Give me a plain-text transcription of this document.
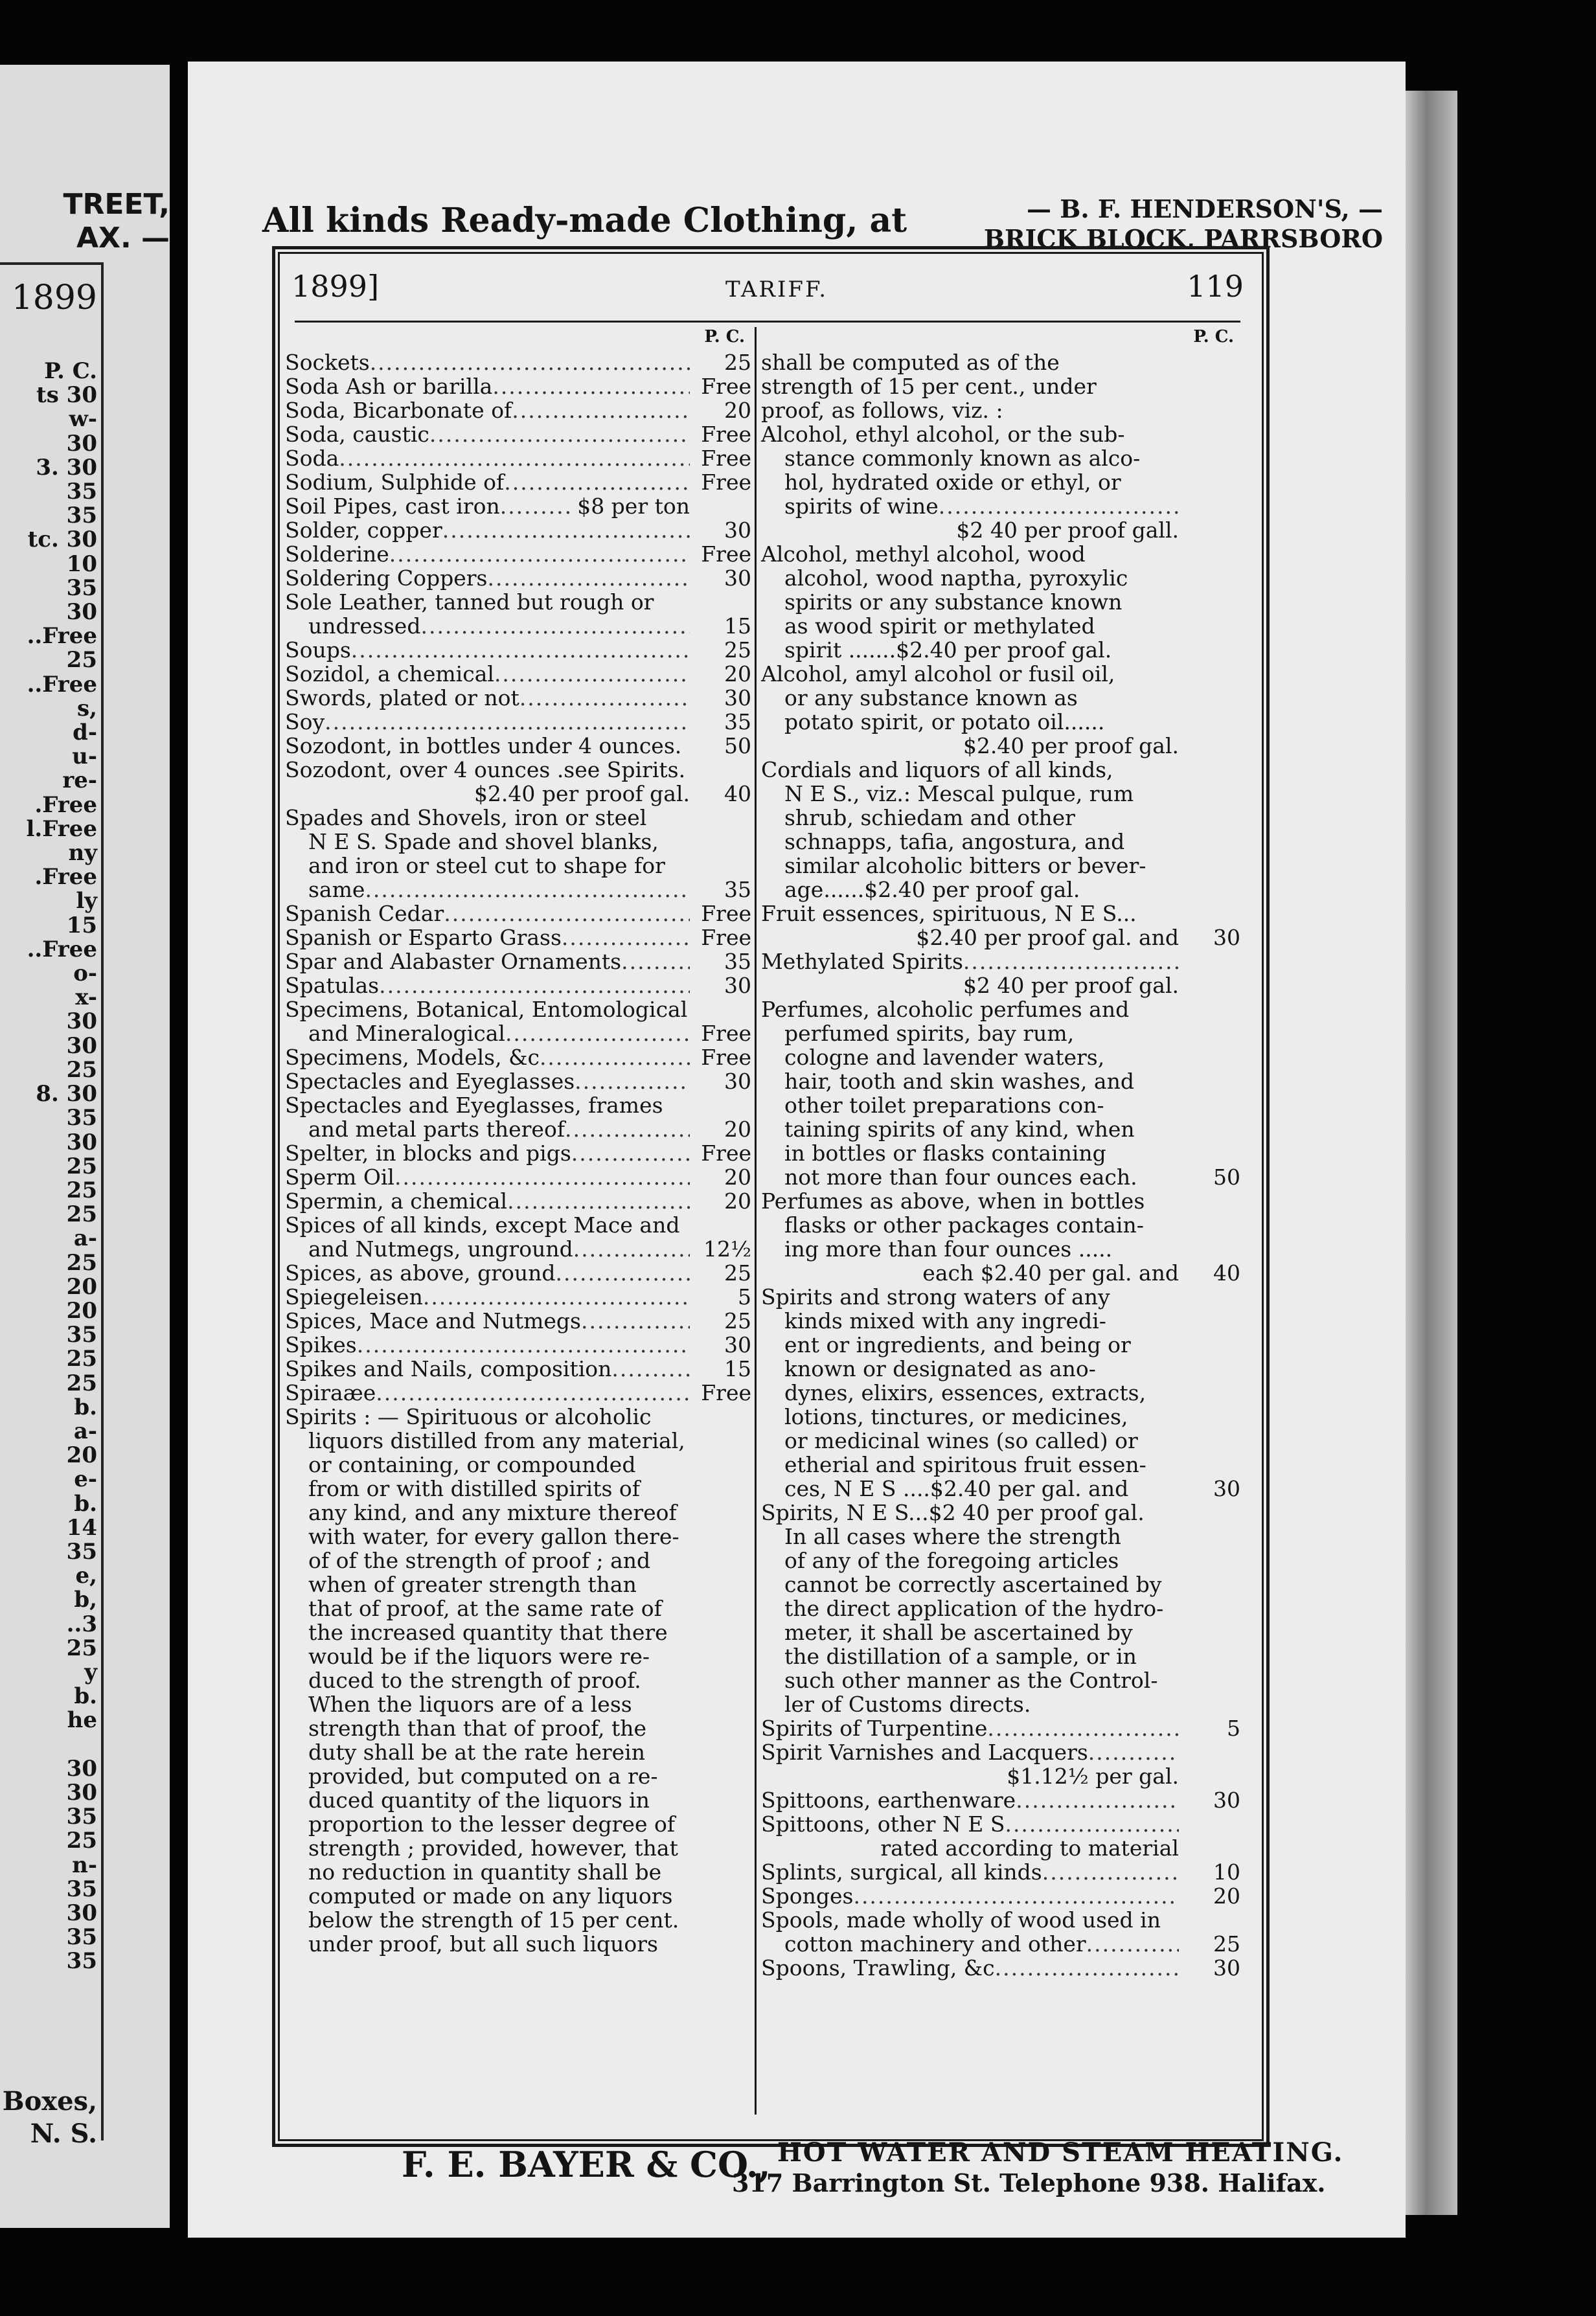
TREET,
AX. —
1899
P. C.
ts 30
w-
30
3. 30
35
35
tc. 30
10
35
30
..Free
25
..Free
s,
d-
u-
re-
.Free
l.Free
ny
.Free
ly
15
..Free
o-
x-
30
30
25
8. 30
35
30
25
25
25
a-
25
20
20
35
25
25
b.
a-
20
e-
b.
14
35
e,
b,
..3
25
y
b.
he

30
30
35
25
n-
35
30
35
35
Boxes,
N. S.
All kinds Ready-made Clothing, at	— B. F. HENDERSON'S, —
BRICK BLOCK, PARRSBORO
1899]	TARIFF.	119
P. C.
Sockets .....	25
Soda Ash or barilla .....	Free
Soda, Bicarbonate of .....	20
Soda, caustic .....	Free
Soda .....	Free
Sodium, Sulphide of .....	Free
Soil Pipes, cast iron .....	$8 per ton
Solder, copper .....	30
Solderine .....	Free
Soldering Coppers .....	30
Sole Leather, tanned but rough or
undressed .....	15
Soups .....	25
Sozidol, a chemical .....	20
Swords, plated or not .....	30
Soy .....	35
Sozodont, in bottles under 4 ounces.	50
Sozodont, over 4 ounces .see Spirits.
$2.40 per proof gal.	40
Spades and Shovels, iron or steel
N E S. Spade and shovel blanks,
and iron or steel cut to shape for
same .....	35
Spanish Cedar .....	Free
Spanish or Esparto Grass .....	Free
Spar and Alabaster Ornaments .....	35
Spatulas .....	30
Specimens, Botanical, Entomological
and Mineralogical .....	Free
Specimens, Models, &c .....	Free
Spectacles and Eyeglasses .....	30
Spectacles and Eyeglasses, frames
and metal parts thereof .....	20
Spelter, in blocks and pigs .....	Free
Sperm Oil .....	20
Spermin, a chemical .....	20
Spices of all kinds, except Mace and
and Nutmegs, unground .....	12½
Spices, as above, ground .....	25
Spiegeleisen .....	5
Spices, Mace and Nutmegs .....	25
Spikes .....	30
Spikes and Nails, composition .....	15
Spiraæe .....	Free
Spirits : — Spirituous or alcoholic
liquors distilled from any material,
or containing, or compounded
from or with distilled spirits of
any kind, and any mixture thereof
with water, for every gallon there-
of of the strength of proof ; and
when of greater strength than
that of proof, at the same rate of
the increased quantity that there
would be if the liquors were re-
duced to the strength of proof.
When the liquors are of a less
strength than that of proof, the
duty shall be at the rate herein
provided, but computed on a re-
duced quantity of the liquors in
proportion to the lesser degree of
strength ; provided, however, that
no reduction in quantity shall be
computed or made on any liquors
below the strength of 15 per cent.
under proof, but all such liquors
P. C.
shall be computed as of the
strength of 15 per cent., under
proof, as follows, viz. :
Alcohol, ethyl alcohol, or the sub-
stance commonly known as alco-
hol, hydrated oxide or ethyl, or
spirits of wine
.....
$2 40 per proof gall.
Alcohol, methyl alcohol, wood
alcohol, wood naptha, pyroxylic
spirits or any substance known
as wood spirit or methylated
spirit .......$2.40 per proof gal.
Alcohol, amyl alcohol or fusil oil,
or any substance known as
potato spirit, or potato oil......
$2.40 per proof gal.
Cordials and liquors of all kinds,
N E S., viz.: Mescal pulque, rum
shrub, schiedam and other
schnapps, tafia, angostura, and
similar alcoholic bitters or bever-
age......$2.40 per proof gal.
Fruit essences, spirituous, N E S...
$2.40 per proof gal. and	30
Methylated Spirits
.....
$2 40 per proof gal.
Perfumes, alcoholic perfumes and
perfumed spirits, bay rum,
cologne and lavender waters,
hair, tooth and skin washes, and
other toilet preparations con-
taining spirits of any kind, when
in bottles or flasks containing
not more than four ounces each.	50
Perfumes as above, when in bottles
flasks or other packages contain-
ing more than four ounces .....
each $2.40 per gal. and	40
Spirits and strong waters of any
kinds mixed with any ingredi-
ent or ingredients, and being or
known or designated as ano-
dynes, elixirs, essences, extracts,
lotions, tinctures, or medicines,
or medicinal wines (so called) or
etherial and spiritous fruit essen-
ces, N E S ....$2.40 per gal. and	30
Spirits, N E S...$2 40 per proof gal.
In all cases where the strength
of any of the foregoing articles
cannot be correctly ascertained by
the direct application of the hydro-
meter, it shall be ascertained by
the distillation of a sample, or in
such other manner as the Control-
ler of Customs directs.
Spirits of Turpentine .....	5
Spirit Varnishes and Lacquers
.....
$1.12½ per gal.
Spittoons, earthenware .....	30
Spittoons, other N E S
.....
rated according to material
Splints, surgical, all kinds .....	10
Sponges .....	20
Spools, made wholly of wood used in
cotton machinery and other .....	25
Spoons, Trawling, &c .....	30
F. E. BAYER & CO., HOT WATER AND STEAM HEATING.
317 Barrington St. Telephone 938. Halifax.
